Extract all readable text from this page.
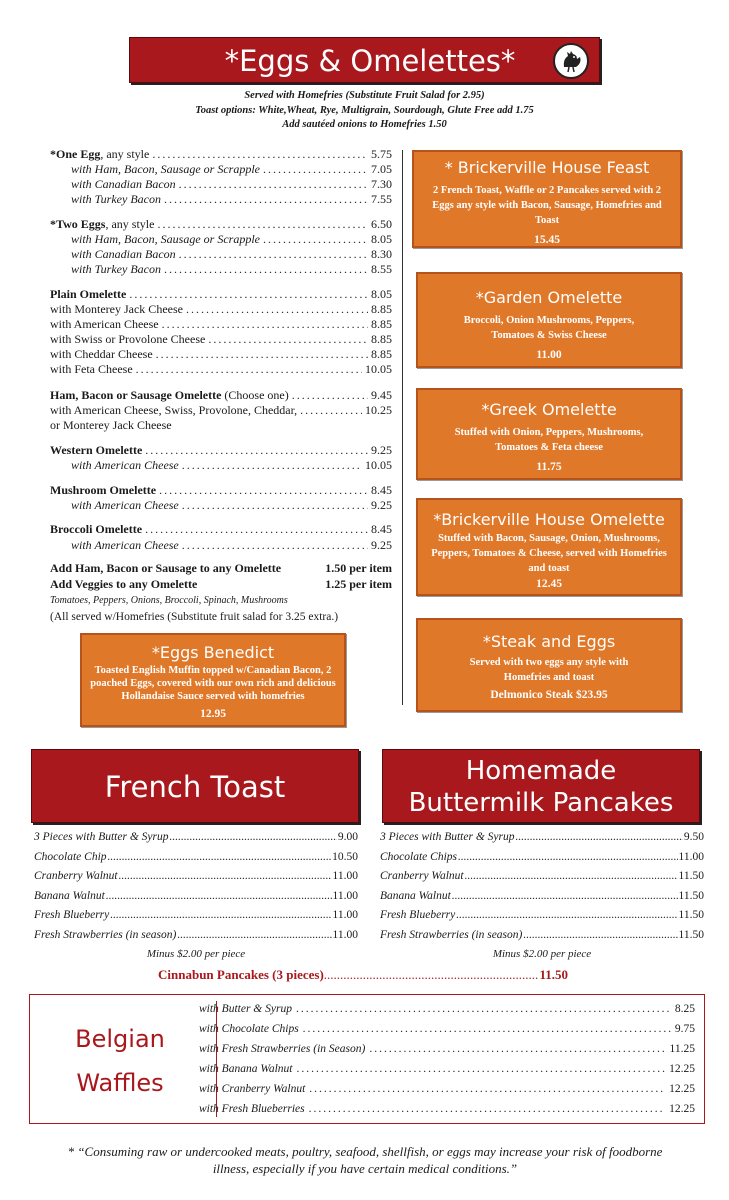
*Eggs & Omelettes*
Served with Homefries (Substitute Fruit Salad for 2.95)
Toast options: White,Wheat, Rye, Multigrain, Sourdough, Glute Free add 1.75
Add sautéed onions to Homefries 1.50
*One Egg, any style .....	5.75
with Ham, Bacon, Sausage or Scrapple .....	7.05
with Canadian Bacon .....	7.30
with Turkey Bacon .....	7.55
*Two Eggs, any style .....	6.50
with Ham, Bacon, Sausage or Scrapple .....	8.05
with Canadian Bacon .....	8.30
with Turkey Bacon .....	8.55
Plain Omelette .....	8.05
with Monterey Jack Cheese .....	8.85
with American Cheese .....	8.85
with Swiss or Provolone Cheese .....	8.85
with Cheddar Cheese .....	8.85
with Feta Cheese .....	10.05
Ham, Bacon or Sausage Omelette (Choose one) .....	9.45
with American Cheese, Swiss, Provolone, Cheddar, .....	10.25
or Monterey Jack Cheese
Western Omelette .....	9.25
with American Cheese .....	10.05
Mushroom Omelette .....	8.45
with American Cheese .....	9.25
Broccoli Omelette .....	8.45
with American Cheese .....	9.25
Add Ham, Bacon or Sausage to any Omelette	1.50 per item
Add Veggies to any Omelette	1.25 per item
Tomatoes, Peppers, Onions, Broccoli, Spinach, Mushrooms
(All served w/Homefries (Substitute fruit salad for 3.25 extra.)
* Brickerville House Feast
2 French Toast, Waffle or 2 Pancakes served with 2 Eggs any style with Bacon, Sausage, Homefries and Toast
15.45
*Garden Omelette
Broccoli, Onion Mushrooms, Peppers, Tomatoes & Swiss Cheese
11.00
*Greek Omelette
Stuffed with Onion, Peppers, Mushrooms, Tomatoes & Feta cheese
11.75
*Brickerville House Omelette
Stuffed with Bacon, Sausage, Onion, Mushrooms, Peppers, Tomatoes & Cheese, served with Homefries and toast
12.45
*Steak and Eggs
Served with two eggs any style with Homefries and toast
Delmonico Steak $23.95
*Eggs Benedict
Toasted English Muffin topped w/Canadian Bacon, 2 poached Eggs, covered with our own rich and delicious Hollandaise Sauce served with homefries
12.95
French Toast
3 Pieces with Butter & Syrup .....	9.00
Chocolate Chip .....	10.50
Cranberry Walnut .....	11.00
Banana Walnut .....	11.00
Fresh Blueberry .....	11.00
Fresh Strawberries (in season) .....	11.00
Minus $2.00 per piece
Homemade
Buttermilk Pancakes
3 Pieces with Butter & Syrup .....	9.50
Chocolate Chips .....	11.00
Cranberry Walnut .....	11.50
Banana Walnut .....	11.50
Fresh Blueberry .....	11.50
Fresh Strawberries (in season) .....	11.50
Minus $2.00 per piece
Cinnabun Pancakes (3 pieces) .....	11.50
Belgian
Waffles
with Butter & Syrup .....	8.25
with Chocolate Chips .....	9.75
with Fresh Strawberries (in Season) .....	11.25
with Banana Walnut .....	12.25
with Cranberry Walnut .....	12.25
with Fresh Blueberries .....	12.25
* “Consuming raw or undercooked meats, poultry, seafood, shellfish, or eggs may increase your risk of foodborne illness, especially if you have certain medical conditions.”
